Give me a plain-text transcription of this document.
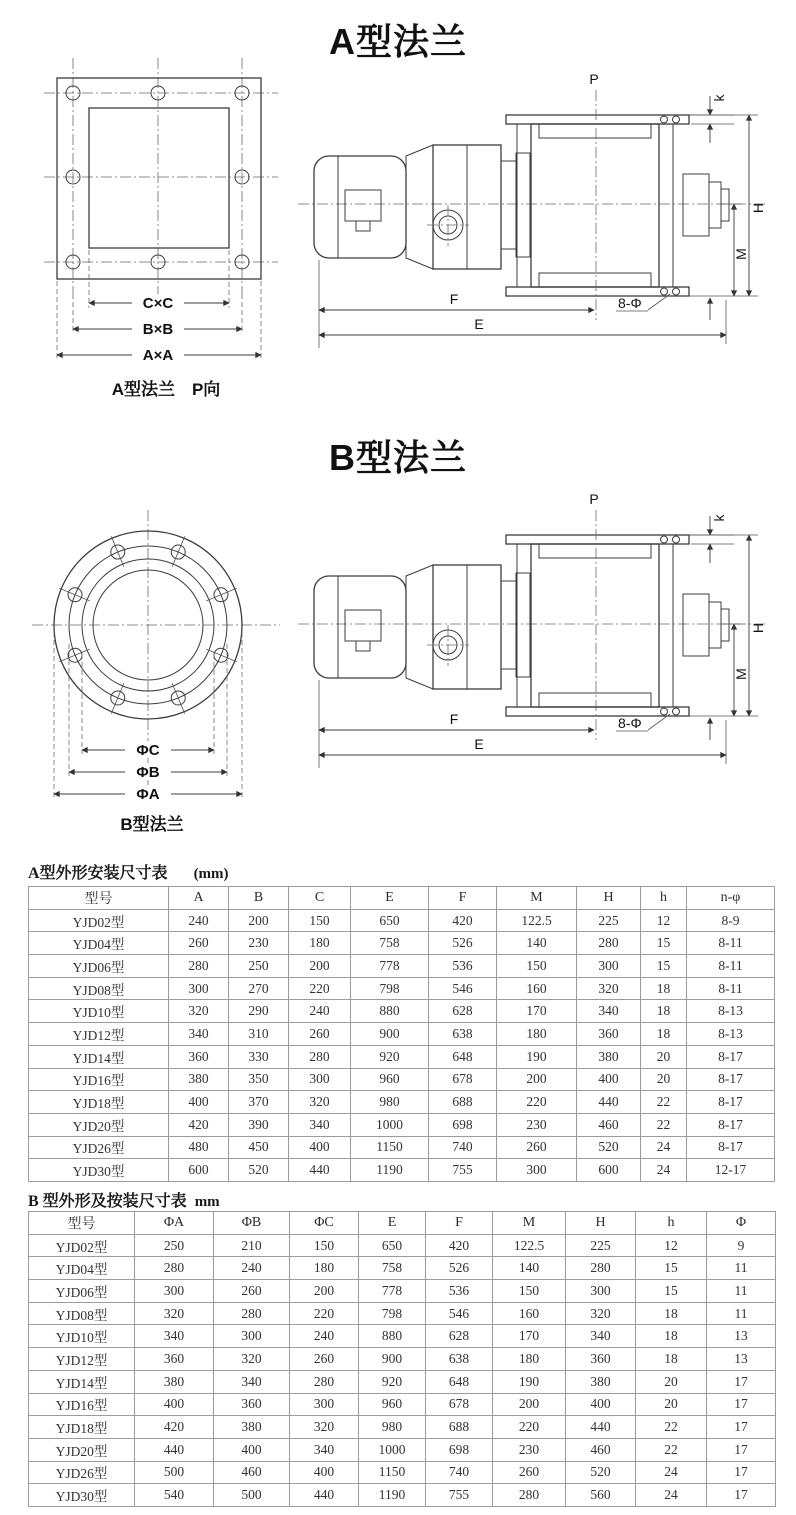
A型法兰
C×C
B×B
A×A
A型法兰　P向
P
k
H
M
F
E
8-Φ
B型法兰
ΦC
ΦB
ΦA
B型法兰
P
k
H
M
F
E
8-Φ
A型外形安装尺寸表 (mm)
型号	A	B	C	E	F	M	H	h	n-φ
YJD02型	240	200	150	650	420	122.5	225	12	8-9
YJD04型	260	230	180	758	526	140	280	15	8-11
YJD06型	280	250	200	778	536	150	300	15	8-11
YJD08型	300	270	220	798	546	160	320	18	8-11
YJD10型	320	290	240	880	628	170	340	18	8-13
YJD12型	340	310	260	900	638	180	360	18	8-13
YJD14型	360	330	280	920	648	190	380	20	8-17
YJD16型	380	350	300	960	678	200	400	20	8-17
YJD18型	400	370	320	980	688	220	440	22	8-17
YJD20型	420	390	340	1000	698	230	460	22	8-17
YJD26型	480	450	400	1150	740	260	520	24	8-17
YJD30型	600	520	440	1190	755	300	600	24	12-17
B 型外形及按装尺寸表 mm
型号	ΦA	ΦB	ΦC	E	F	M	H	h	Φ
YJD02型	250	210	150	650	420	122.5	225	12	9
YJD04型	280	240	180	758	526	140	280	15	11
YJD06型	300	260	200	778	536	150	300	15	11
YJD08型	320	280	220	798	546	160	320	18	11
YJD10型	340	300	240	880	628	170	340	18	13
YJD12型	360	320	260	900	638	180	360	18	13
YJD14型	380	340	280	920	648	190	380	20	17
YJD16型	400	360	300	960	678	200	400	20	17
YJD18型	420	380	320	980	688	220	440	22	17
YJD20型	440	400	340	1000	698	230	460	22	17
YJD26型	500	460	400	1150	740	260	520	24	17
YJD30型	540	500	440	1190	755	280	560	24	17
